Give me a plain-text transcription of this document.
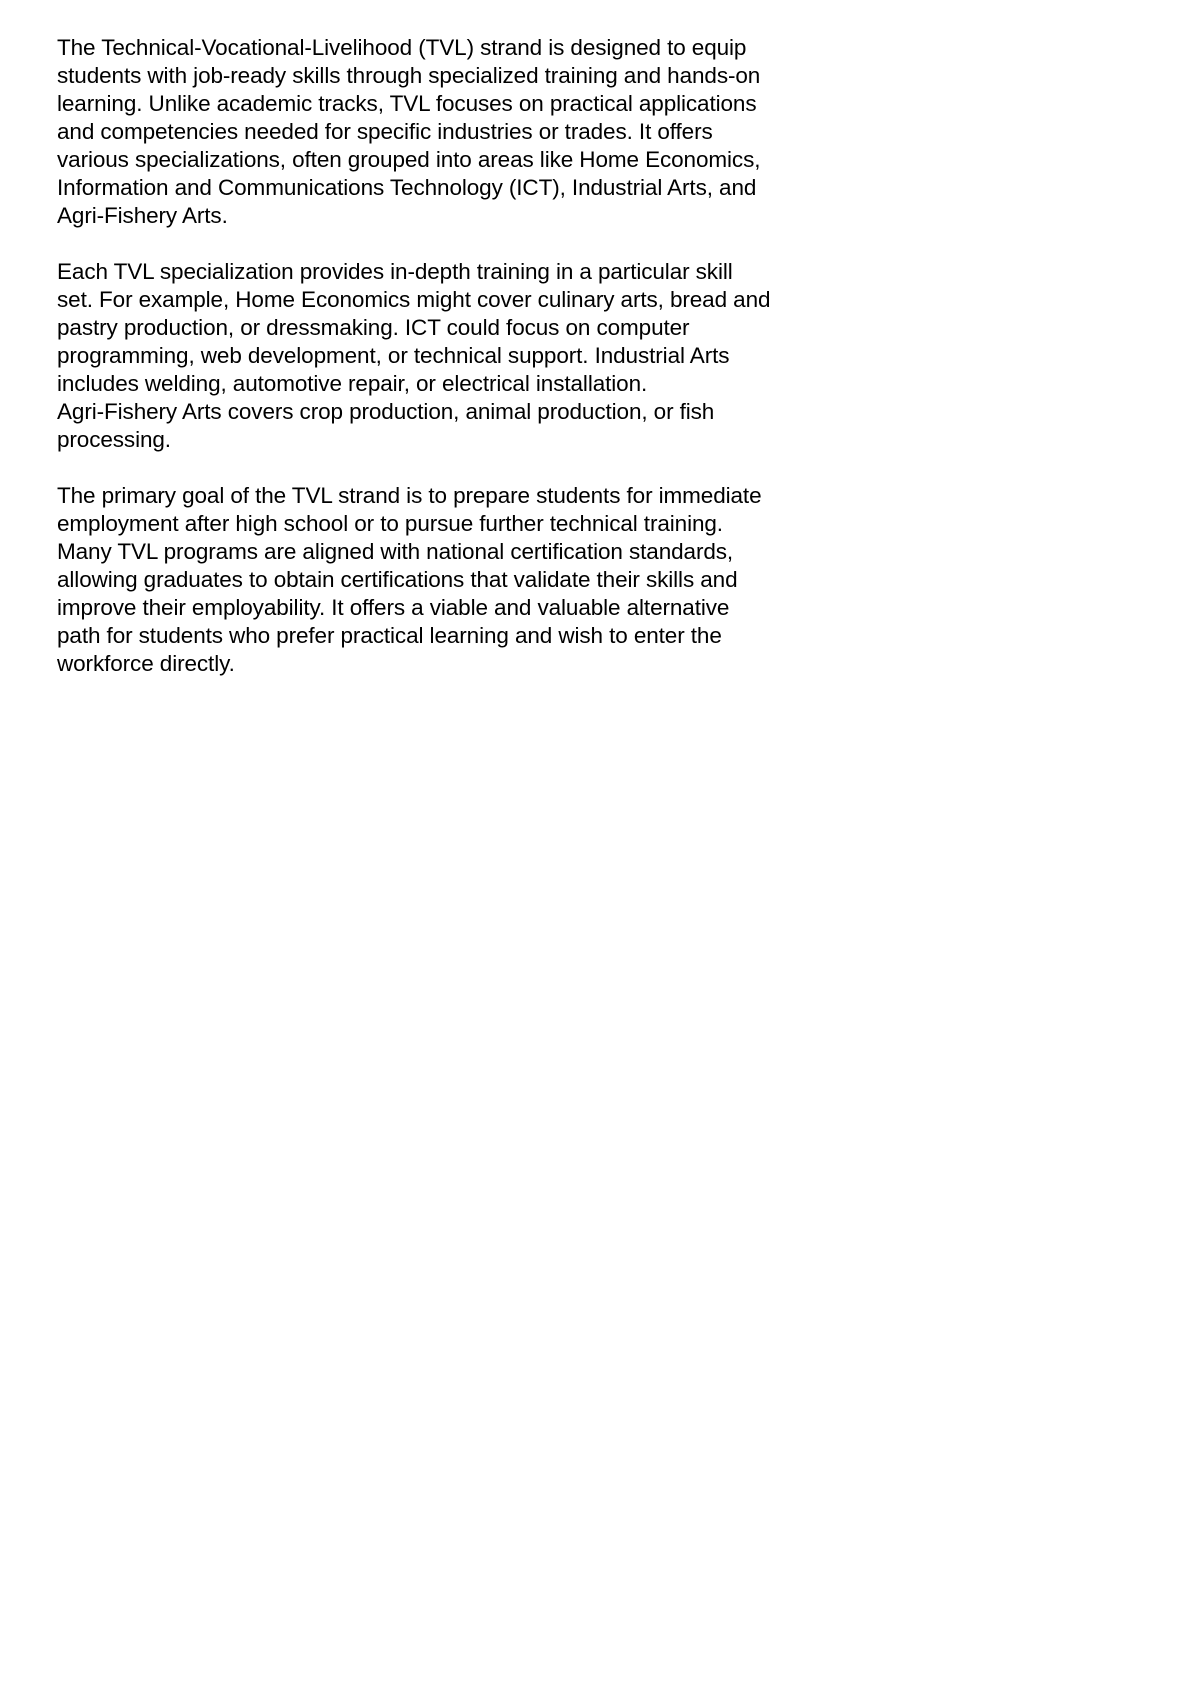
The Technical-Vocational-Livelihood (TVL) strand is designed to equip
students with job-ready skills through specialized training and hands-on
learning. Unlike academic tracks, TVL focuses on practical applications
and competencies needed for specific industries or trades. It offers
various specializations, often grouped into areas like Home Economics,
Information and Communications Technology (ICT), Industrial Arts, and
Agri-Fishery Arts.

Each TVL specialization provides in-depth training in a particular skill
set. For example, Home Economics might cover culinary arts, bread and
pastry production, or dressmaking. ICT could focus on computer
programming, web development, or technical support. Industrial Arts
includes welding, automotive repair, or electrical installation.
Agri-Fishery Arts covers crop production, animal production, or fish
processing.

The primary goal of the TVL strand is to prepare students for immediate
employment after high school or to pursue further technical training.
Many TVL programs are aligned with national certification standards,
allowing graduates to obtain certifications that validate their skills and
improve their employability. It offers a viable and valuable alternative
path for students who prefer practical learning and wish to enter the
workforce directly.
